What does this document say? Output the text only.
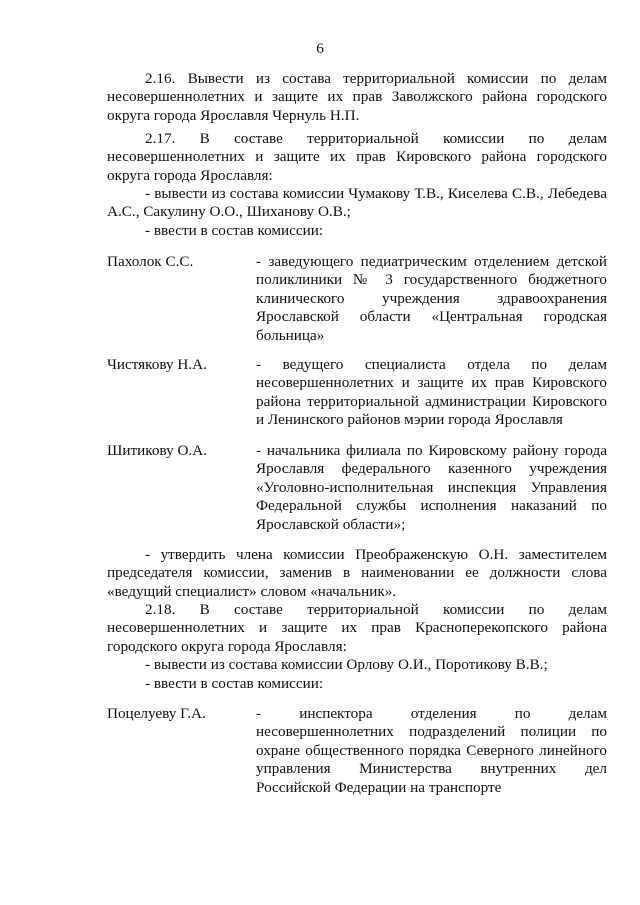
6
2.16. Вывести из состава территориальной комиссии по делам несовершеннолетних и защите их прав Заволжского района городского округа города Ярославля Чернуль Н.П.
2.17. В составе территориальной комиссии по делам несовершеннолетних и защите их прав Кировского района городского округа города Ярославля:
- вывести из состава комиссии Чумакову Т.В., Киселева С.В., Лебедева А.С., Сакулину О.О., Шиханову О.В.;
- ввести в состав комиссии:
Пахолок С.С.	- заведующего педиатрическим отделением детской поликлиники № 3 государственного бюджетного клинического учреждения здравоохранения Ярославской области «Центральная городская больница»
Чистякову Н.А.	- ведущего специалиста отдела по делам несовершеннолетних и защите их прав Кировского района территориальной администрации Кировского и Ленинского районов мэрии города Ярославля
Шитикову О.А.	- начальника филиала по Кировскому району города Ярославля федерального казенного учреждения «Уголовно-исполнительная инспекция Управления Федеральной службы исполнения наказаний по Ярославской области»;
- утвердить члена комиссии Преображенскую О.Н. заместителем председателя комиссии, заменив в наименовании ее должности слова «ведущий специалист» словом «начальник».
2.18. В составе территориальной комиссии по делам несовершеннолетних и защите их прав Красноперекопского района городского округа города Ярославля:
- вывести из состава комиссии Орлову О.И., Поротикову В.В.;
- ввести в состав комиссии:
Поцелуеву Г.А.	- инспектора отделения по делам несовершеннолетних подразделений полиции по охране общественного порядка Северного линейного управления Министерства внутренних дел Российской Федерации на транспорте
